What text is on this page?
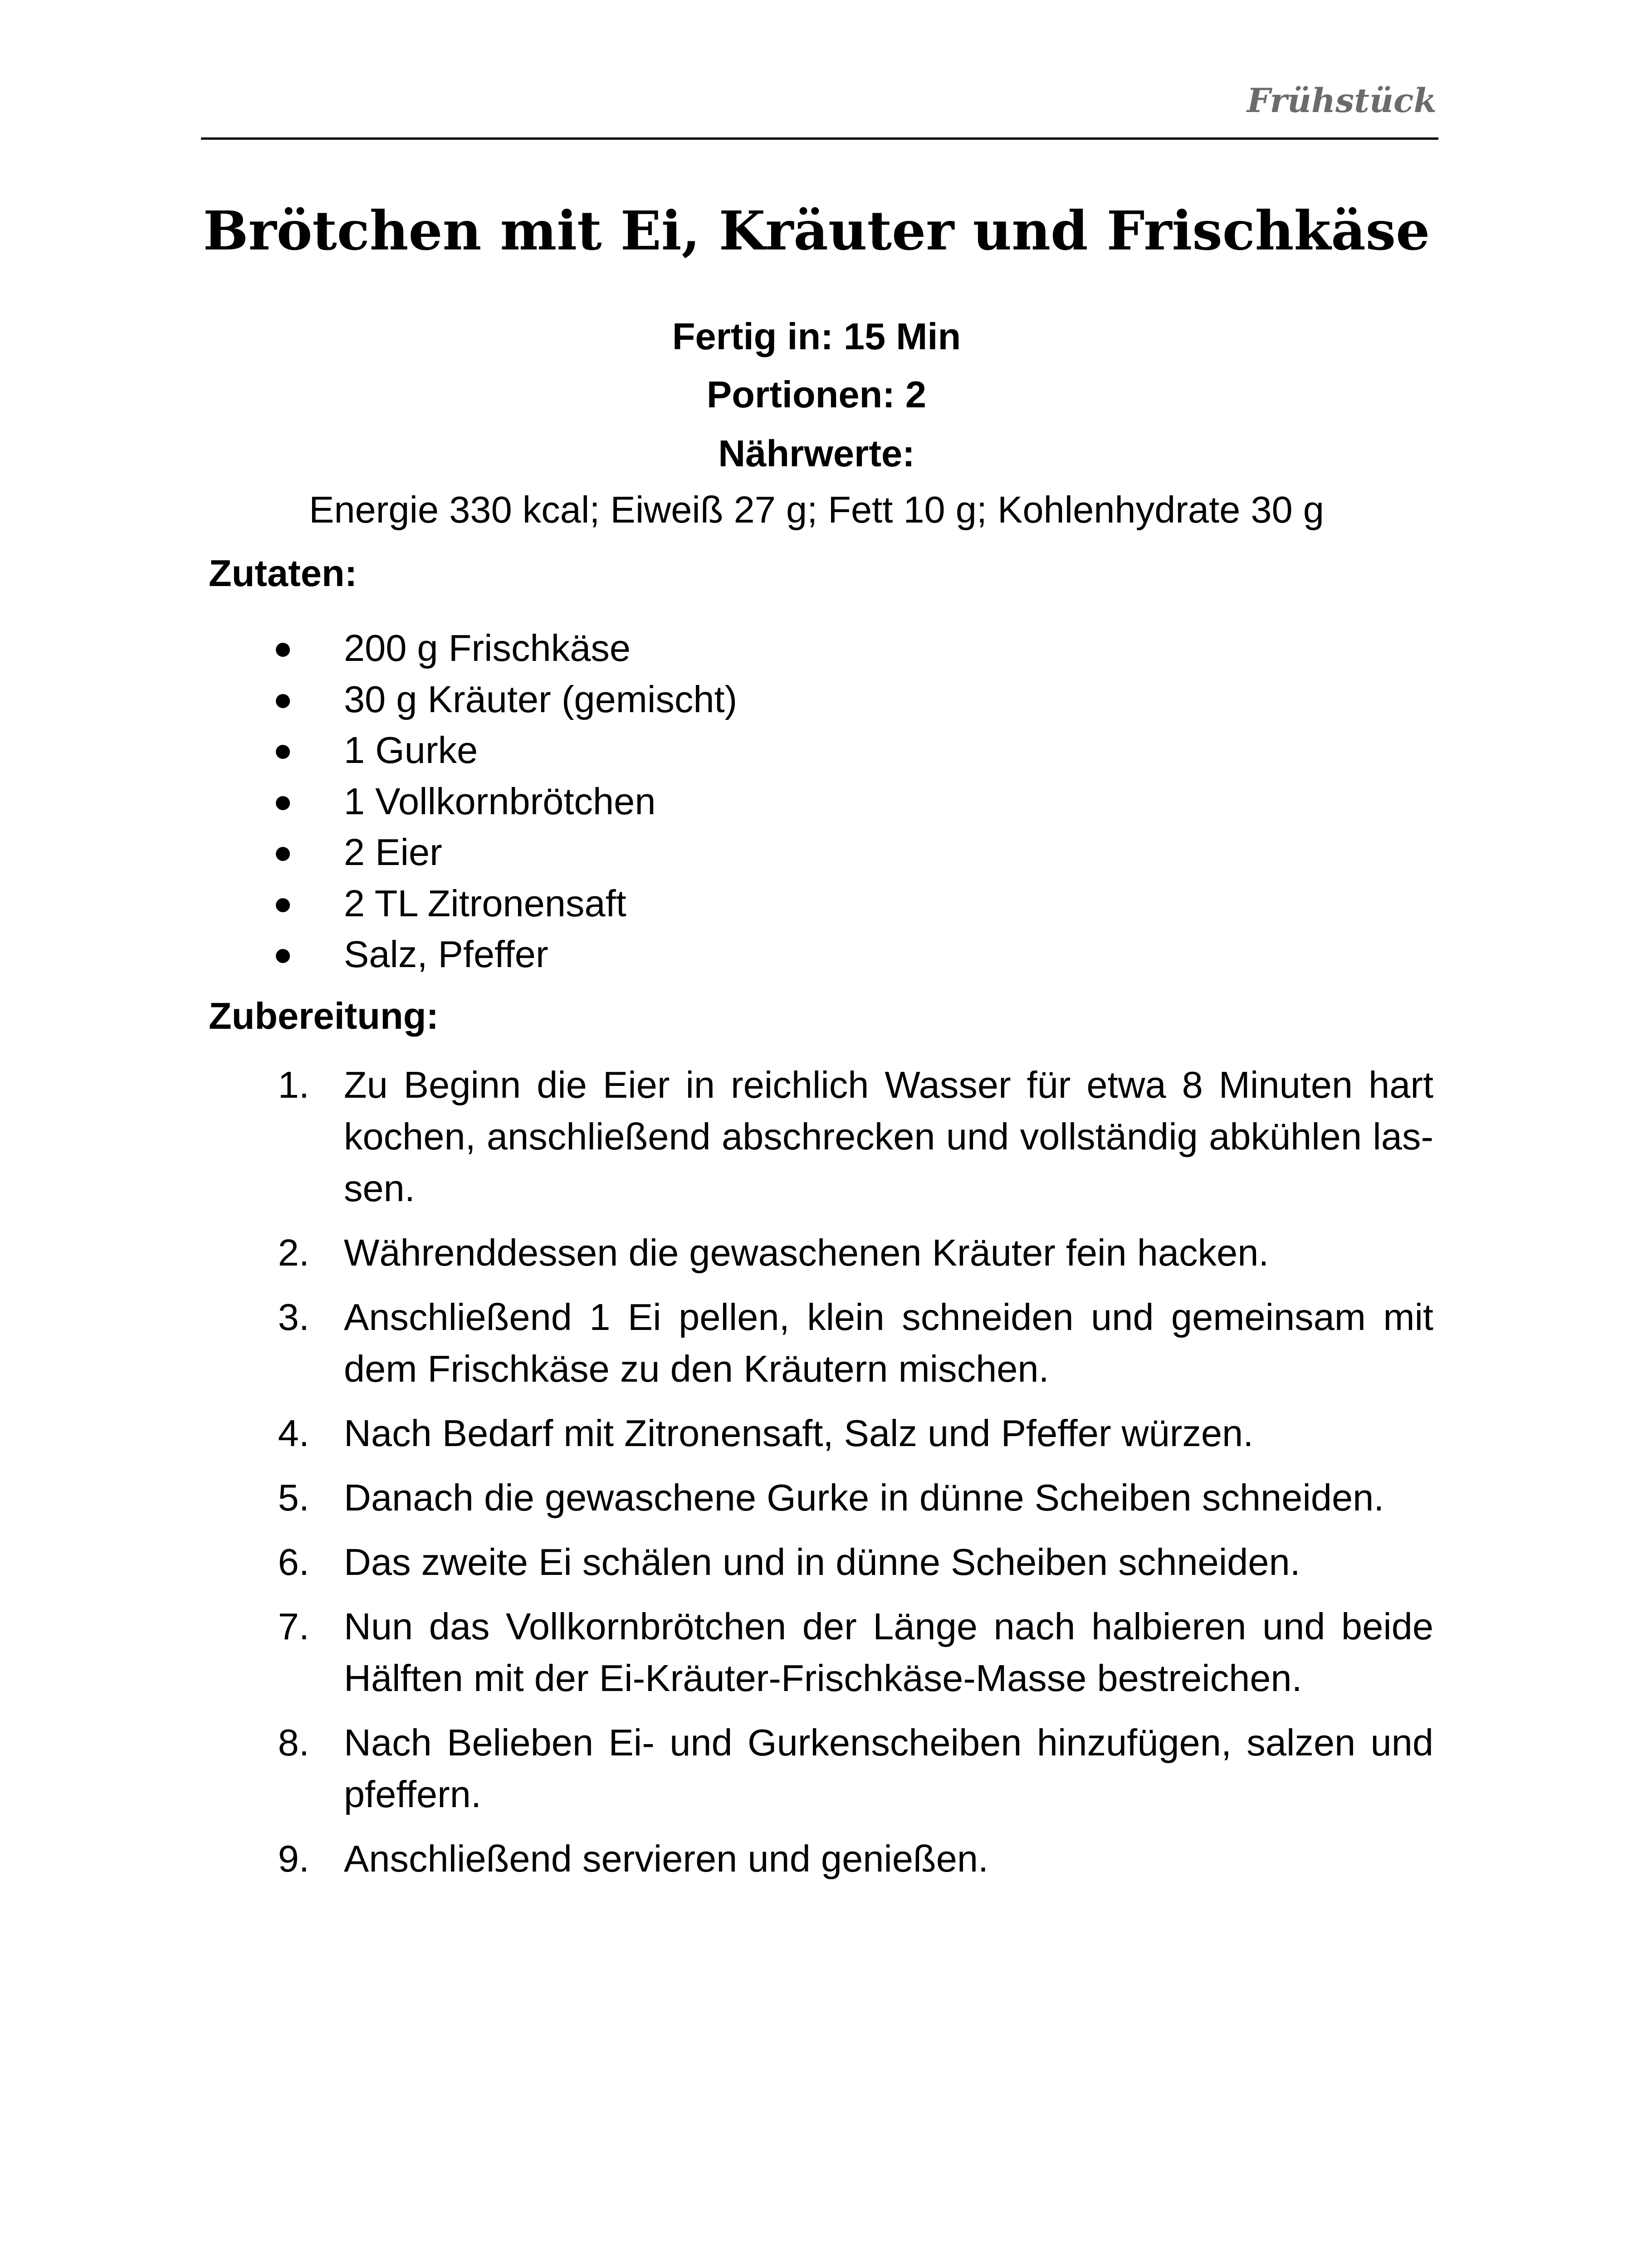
Frühstück
Brötchen mit Ei, Kräuter und Frischkäse
Fertig in: 15 Min
Portionen: 2
Nährwerte:
Energie 330 kcal; Eiweiß 27 g; Fett 10 g; Kohlenhydrate 30 g
Zutaten:
● 200 g Frischkäse
● 30 g Kräuter (gemischt)
● 1 Gurke
● 1 Vollkornbrötchen
● 2 Eier
● 2 TL Zitronensaft
● Salz, Pfeffer
Zubereitung:
1. Zu Beginn die Eier in reichlich Wasser für etwa 8 Minuten hart kochen, anschließend abschrecken und vollständig abkühlen las-sen.
2. Währenddessen die gewaschenen Kräuter fein hacken.
3. Anschließend 1 Ei pellen, klein schneiden und gemeinsam mit dem Frischkäse zu den Kräutern mischen.
4. Nach Bedarf mit Zitronensaft, Salz und Pfeffer würzen.
5. Danach die gewaschene Gurke in dünne Scheiben schneiden.
6. Das zweite Ei schälen und in dünne Scheiben schneiden.
7. Nun das Vollkornbrötchen der Länge nach halbieren und beide Hälften mit der Ei-Kräuter-Frischkäse-Masse bestreichen.
8. Nach Belieben Ei- und Gurkenscheiben hinzufügen, salzen und pfeffern.
9. Anschließend servieren und genießen.
